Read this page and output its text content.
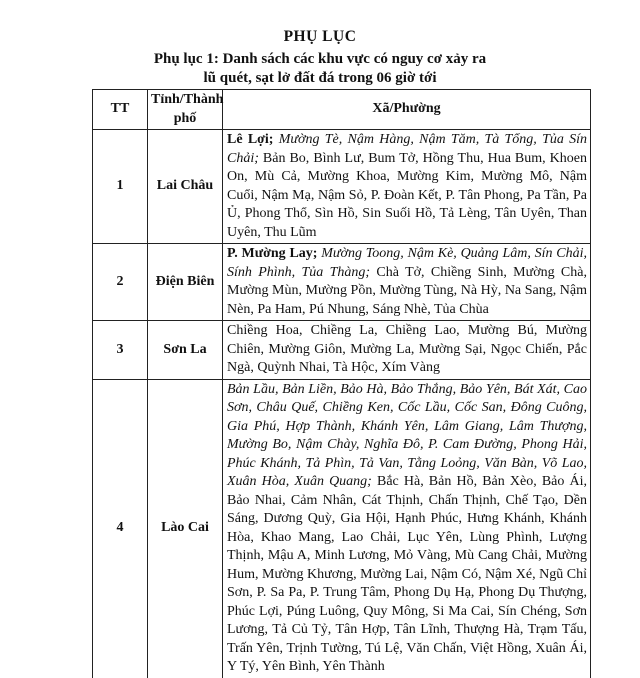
PHỤ LỤC
Phụ lục 1: Danh sách các khu vực có nguy cơ xảy ra
lũ quét, sạt lở đất đá trong 06 giờ tới
TT	Tỉnh/Thành phố	Xã/Phường
1	Lai Châu	Lê Lợi; Mường Tè, Nậm Hàng, Nậm Tăm, Tà Tổng, Tủa Sín Chải; Bản Bo, Bình Lư, Bum Tở, Hồng Thu, Hua Bum, Khoen On, Mù Cả, Mường Khoa, Mường Kim, Mường Mô, Nậm Cuổi, Nậm Mạ, Nậm Sỏ, P. Đoàn Kết, P. Tân Phong, Pa Tần, Pa Ủ, Phong Thổ, Sìn Hồ, Sin Suối Hồ, Tả Lèng, Tân Uyên, Than Uyên, Thu Lũm
2	Điện Biên	P. Mường Lay; Mường Toong, Nậm Kè, Quảng Lâm, Sín Chải, Sính Phình, Tủa Thàng; Chà Tở, Chiềng Sinh, Mường Chà, Mường Mùn, Mường Pồn, Mường Tùng, Nà Hỳ, Na Sang, Nậm Nèn, Pa Ham, Pú Nhung, Sáng Nhè, Tủa Chùa
3	Sơn La	Chiềng Hoa, Chiềng La, Chiềng Lao, Mường Bú, Mường Chiên, Mường Giôn, Mường La, Mường Sại, Ngọc Chiến, Pắc Ngà, Quỳnh Nhai, Tà Hộc, Xím Vàng
4	Lào Cai	Bản Lầu, Bản Liền, Bảo Hà, Bảo Thắng, Bảo Yên, Bát Xát, Cao Sơn, Châu Quế, Chiềng Ken, Cốc Lầu, Cốc San, Đông Cuông, Gia Phú, Hợp Thành, Khánh Yên, Lâm Giang, Lâm Thượng, Mường Bo, Nậm Chày, Nghĩa Đô, P. Cam Đường, Phong Hải, Phúc Khánh, Tả Phìn, Tả Van, Tằng Loỏng, Văn Bàn, Võ Lao, Xuân Hòa, Xuân Quang; Bắc Hà, Bản Hồ, Bản Xèo, Bảo Ái, Bảo Nhai, Cảm Nhân, Cát Thịnh, Chấn Thịnh, Chế Tạo, Dền Sáng, Dương Quỳ, Gia Hội, Hạnh Phúc, Hưng Khánh, Khánh Hòa, Khao Mang, Lao Chải, Lục Yên, Lùng Phình, Lượng Thịnh, Mậu A, Minh Lương, Mỏ Vàng, Mù Cang Chải, Mường Hum, Mường Khương, Mường Lai, Nậm Có, Nậm Xé, Ngũ Chỉ Sơn, P. Sa Pa, P. Trung Tâm, Phong Dụ Hạ, Phong Dụ Thượng, Phúc Lợi, Púng Luông, Quy Mông, Si Ma Cai, Sín Chéng, Sơn Lương, Tả Củ Tỷ, Tân Hợp, Tân Lĩnh, Thượng Hà, Trạm Tấu, Trấn Yên, Trịnh Tường, Tú Lệ, Văn Chấn, Việt Hồng, Xuân Ái, Y Tý, Yên Bình, Yên Thành
